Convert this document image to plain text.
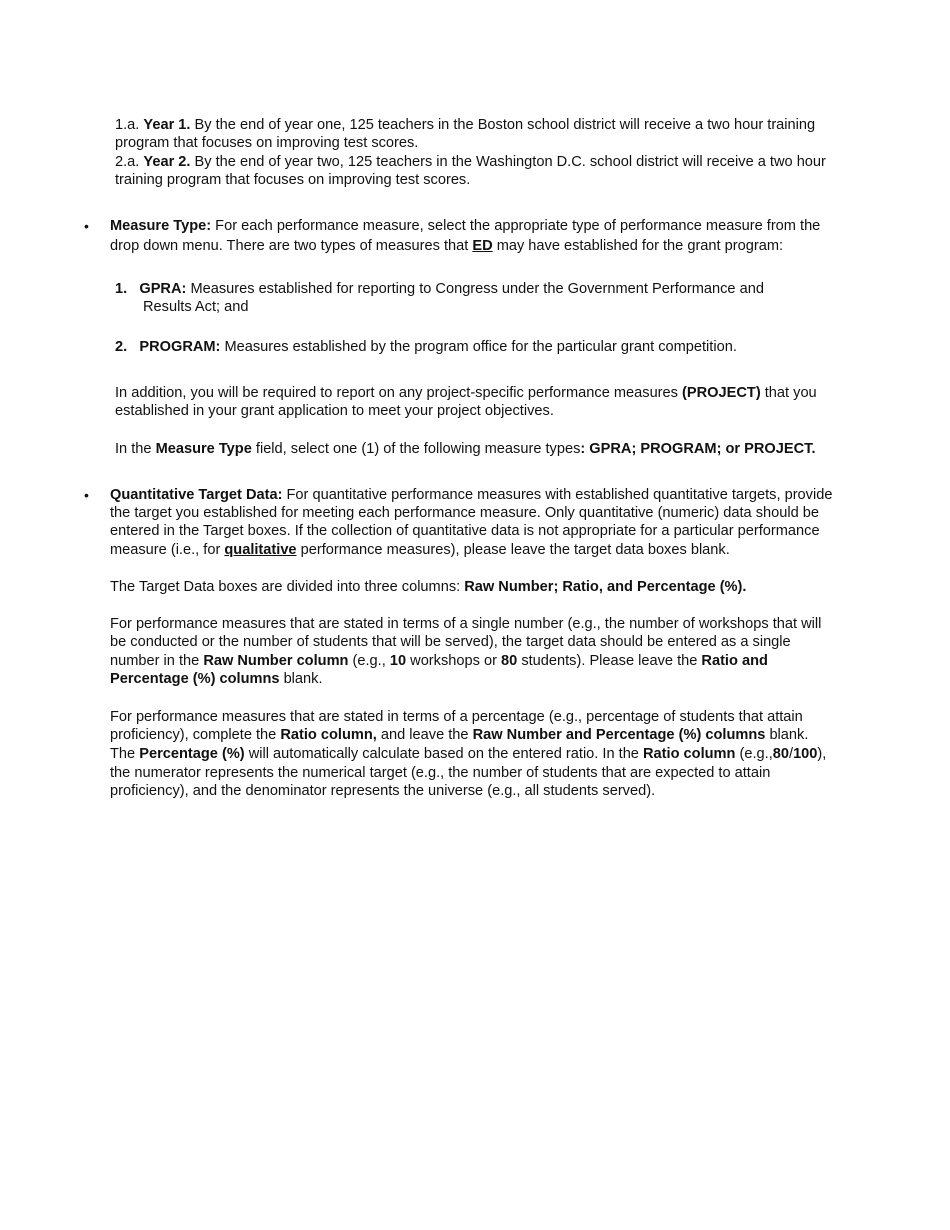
1.a. Year 1. By the end of year one, 125 teachers in the Boston school district will receive a two hour training
program that focuses on improving test scores.
2.a. Year 2. By the end of year two, 125 teachers in the Washington D.C. school district will receive a two hour
training program that focuses on improving test scores.
• Measure Type: For each performance measure, select the appropriate type of performance measure from the
drop down menu. There are two types of measures that ED may have established for the grant program:
1. GPRA: Measures established for reporting to Congress under the Government Performance and
Results Act; and
2. PROGRAM: Measures established by the program office for the particular grant competition.
In addition, you will be required to report on any project-specific performance measures (PROJECT) that you
established in your grant application to meet your project objectives.
In the Measure Type field, select one (1) of the following measure types: GPRA; PROGRAM; or PROJECT.
• Quantitative Target Data: For quantitative performance measures with established quantitative targets, provide
the target you established for meeting each performance measure. Only quantitative (numeric) data should be
entered in the Target boxes. If the collection of quantitative data is not appropriate for a particular performance
measure (i.e., for qualitative performance measures), please leave the target data boxes blank.
The Target Data boxes are divided into three columns: Raw Number; Ratio, and Percentage (%).
For performance measures that are stated in terms of a single number (e.g., the number of workshops that will
be conducted or the number of students that will be served), the target data should be entered as a single
number in the Raw Number column (e.g., 10 workshops or 80 students). Please leave the Ratio and
Percentage (%) columns blank.
For performance measures that are stated in terms of a percentage (e.g., percentage of students that attain
proficiency), complete the Ratio column, and leave the Raw Number and Percentage (%) columns blank.
The Percentage (%) will automatically calculate based on the entered ratio. In the Ratio column (e.g.,80/100),
the numerator represents the numerical target (e.g., the number of students that are expected to attain
proficiency), and the denominator represents the universe (e.g., all students served).
